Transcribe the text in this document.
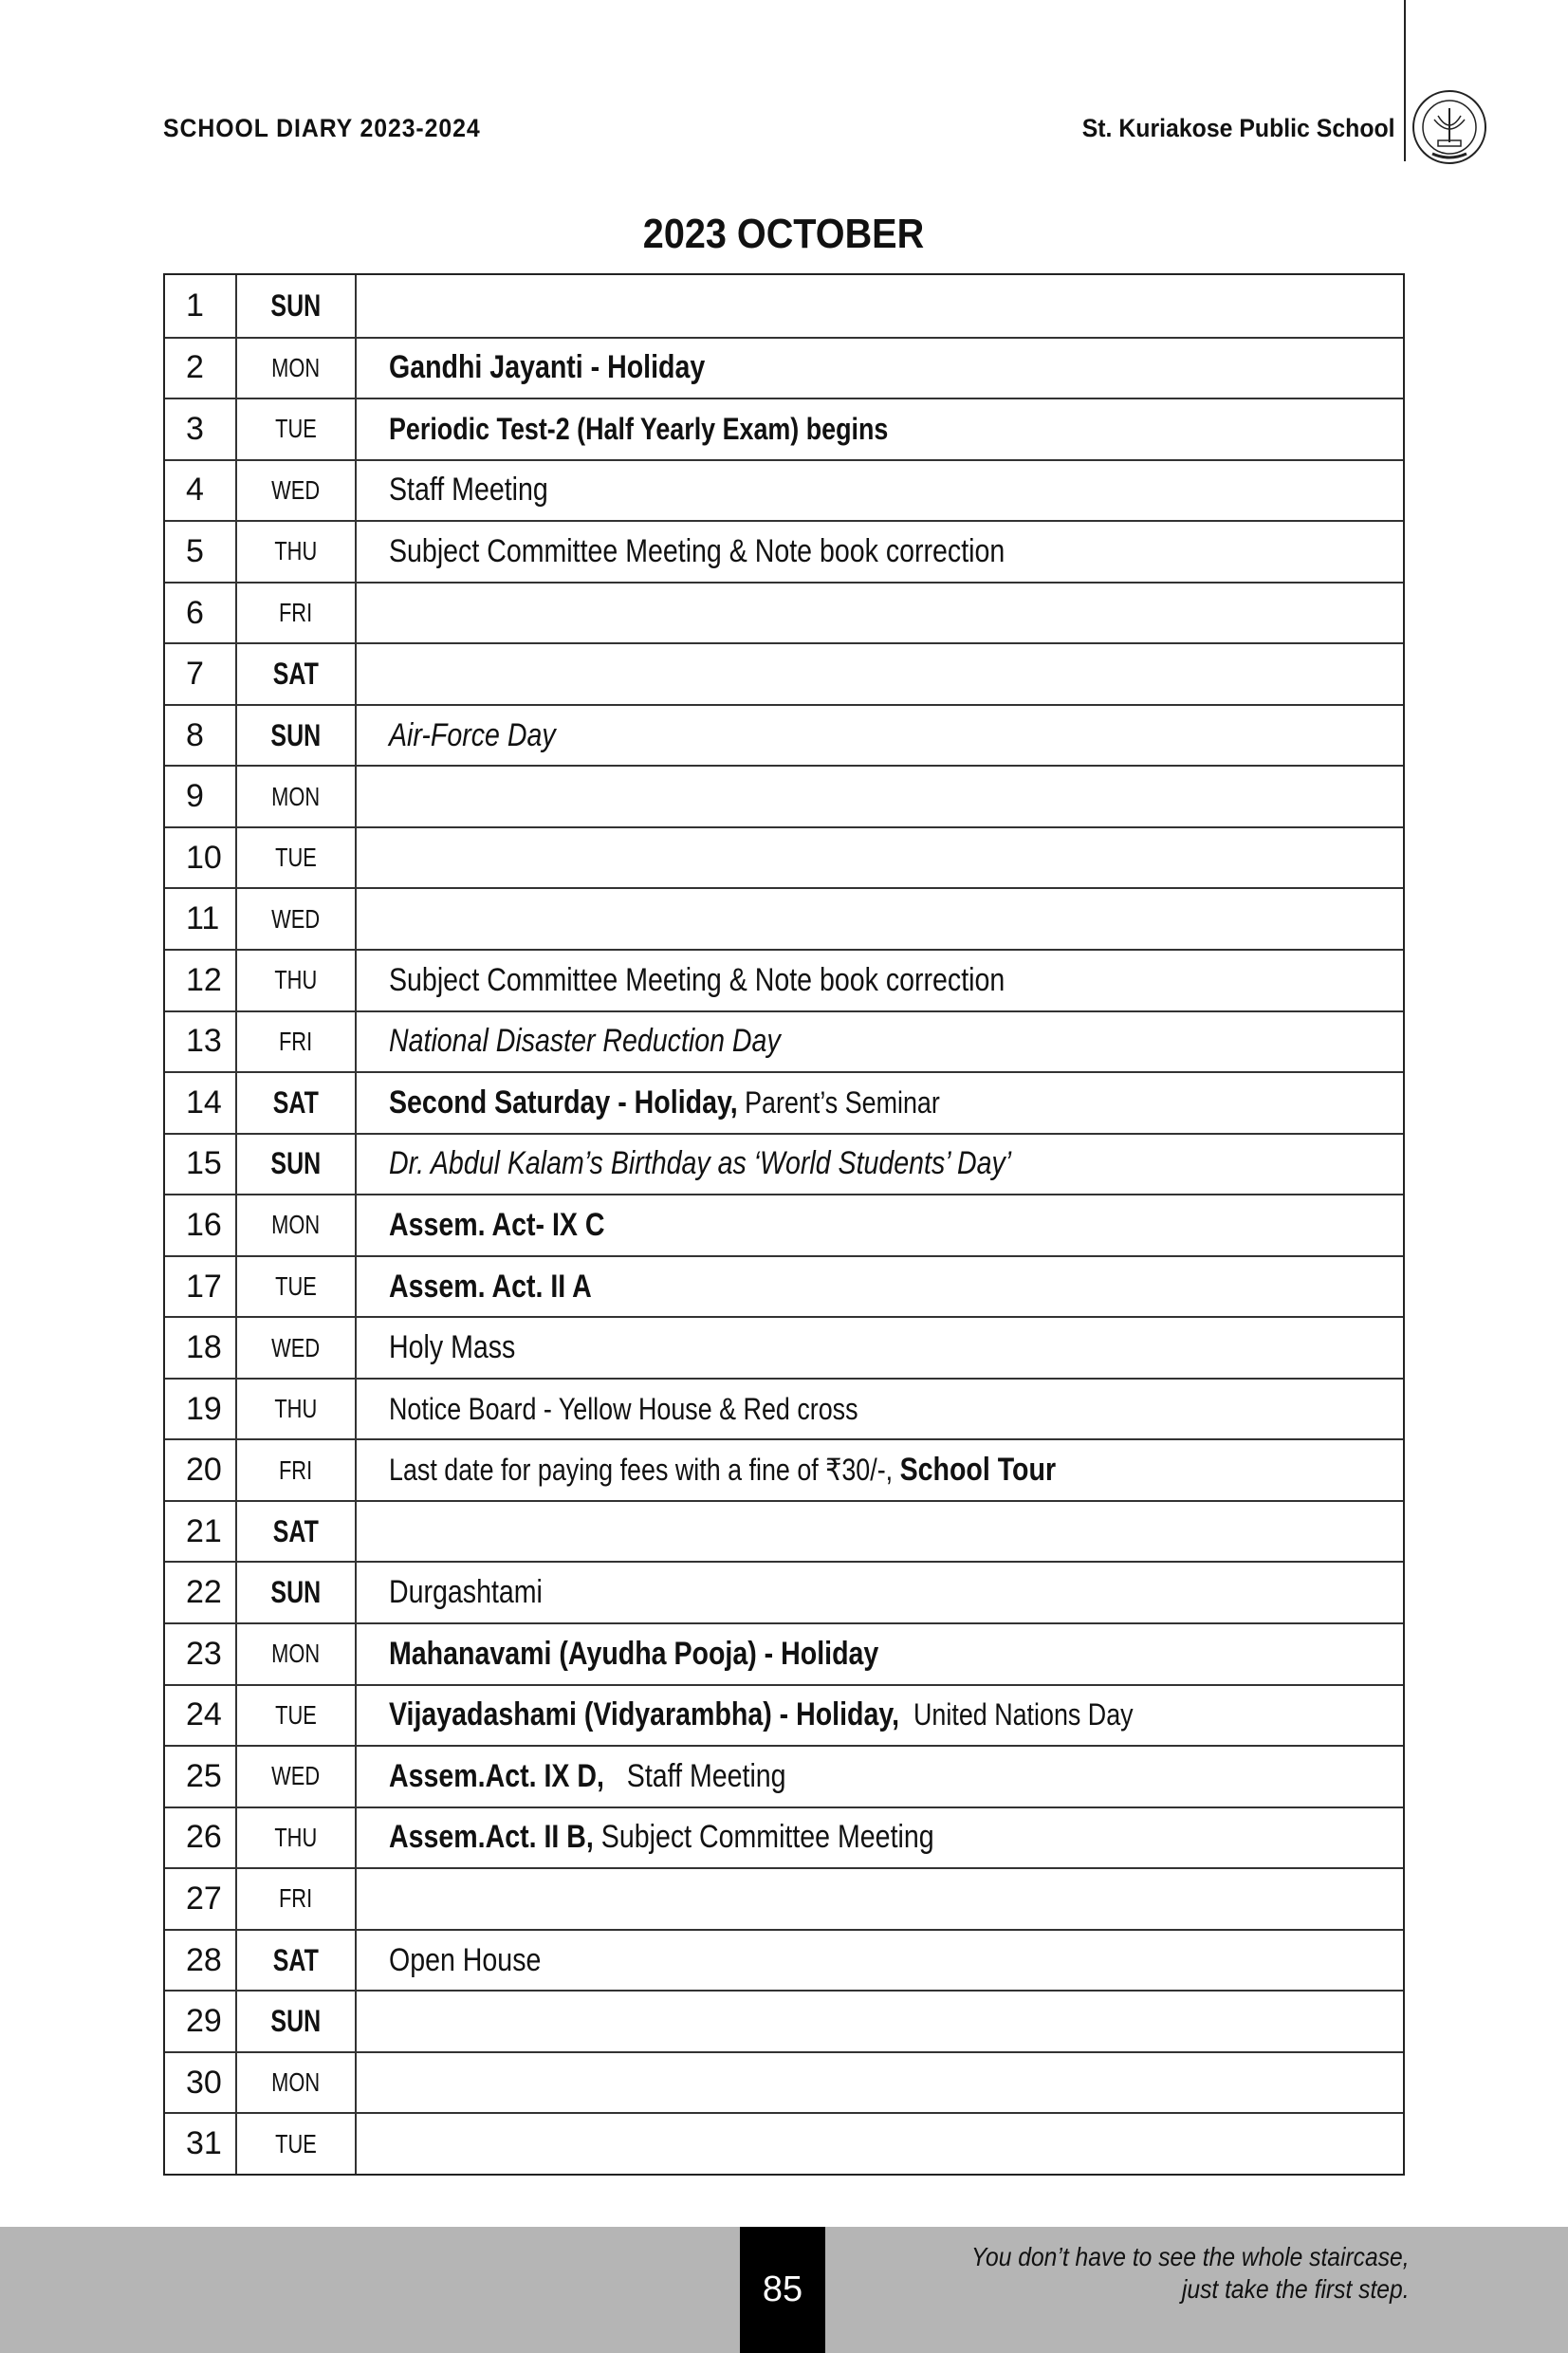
SCHOOL DIARY 2023-2024	St. Kuriakose Public School
2023 OCTOBER
1	SUN
2	MON Gandhi Jayanti - Holiday
3	TUE Periodic Test-2 (Half Yearly Exam) begins
4	WED Staff Meeting
5	THU Subject Committee Meeting & Note book correction
6	FRI
7	SAT
8	SUN Air-Force Day
9	MON
10	TUE
11	WED
12	THU Subject Committee Meeting & Note book correction
13	FRI National Disaster Reduction Day
14	SAT Second Saturday - Holiday, Parent’s Seminar
15	SUN Dr. Abdul Kalam’s Birthday as ‘World Students’ Day’
16	MON Assem. Act- IX C
17	TUE Assem. Act. II A
18	WED Holy Mass
19	THU Notice Board - Yellow House & Red cross
20	FRI	Last date for paying fees with a fine of ₹30/-, School Tour
21	SAT
22	SUN Durgashtami
23	MON Mahanavami (Ayudha Pooja) - Holiday
24	TUE Vijayadashami (Vidyarambha) - Holiday,  United Nations Day
25	WED Assem.Act. IX D,   Staff Meeting
26	THU Assem.Act. II B, Subject Committee Meeting
27	FRI
28	SAT Open House
29	SUN
30	MON
31	TUE
85
You don’t have to see the whole staircase,
just take the first step.
